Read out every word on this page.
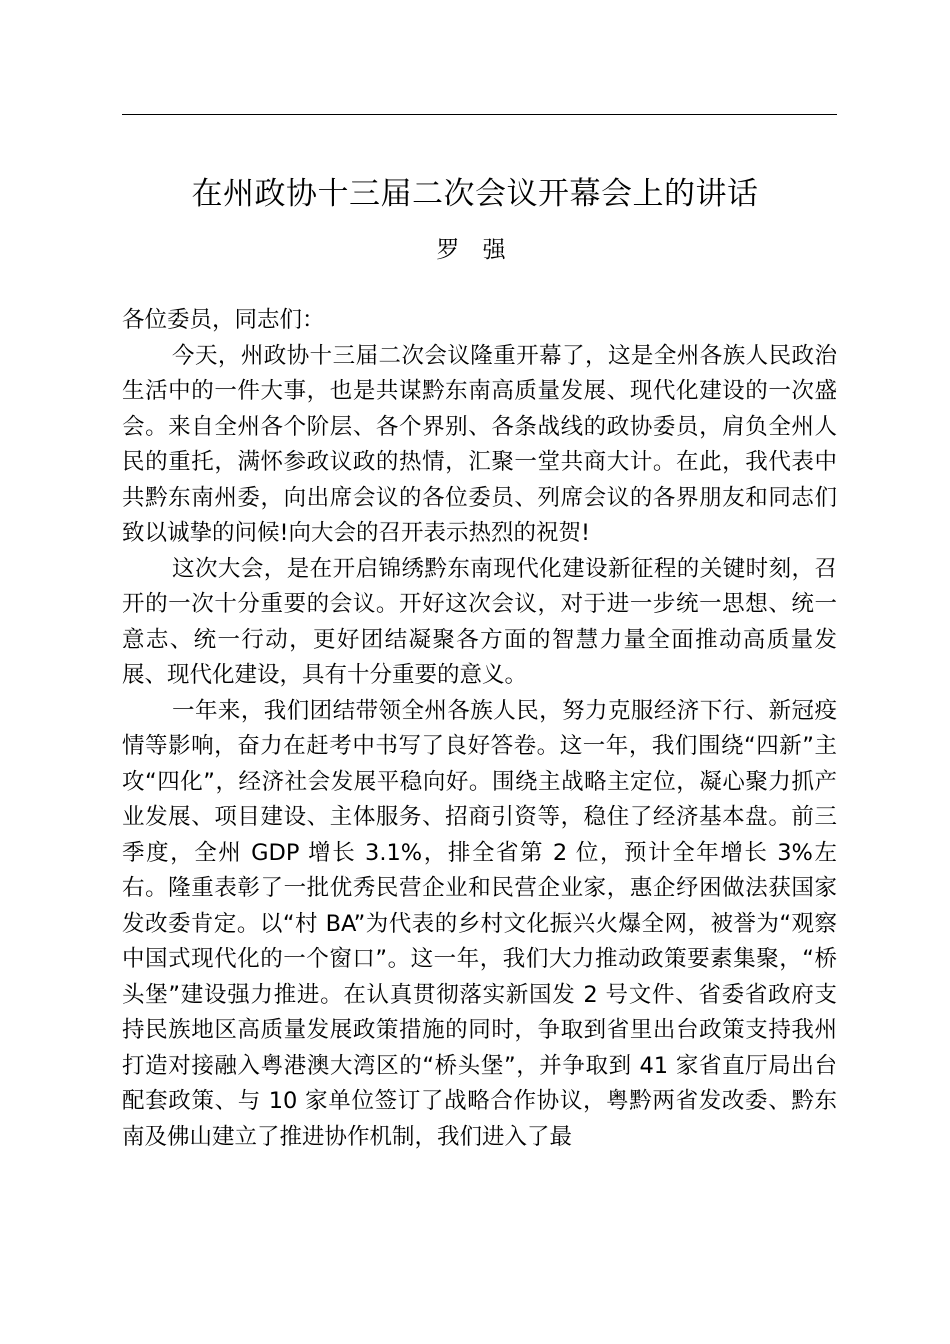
在州政协十三届二次会议开幕会上的讲话
罗 强

各位委员，同志们：

今天，州政协十三届二次会议隆重开幕了，这是全州各族人民政治生活中的一件大事，也是共谋黔东南高质量发展、现代化建设的一次盛会。来自全州各个阶层、各个界别、各条战线的政协委员，肩负全州人民的重托，满怀参政议政的热情，汇聚一堂共商大计。在此，我代表中共黔东南州委，向出席会议的各位委员、列席会议的各界朋友和同志们致以诚挚的问候!向大会的召开表示热烈的祝贺!

这次大会，是在开启锦绣黔东南现代化建设新征程的关键时刻，召开的一次十分重要的会议。开好这次会议，对于进一步统一思想、统一意志、统一行动，更好团结凝聚各方面的智慧力量全面推动高质量发展、现代化建设，具有十分重要的意义。

一年来，我们团结带领全州各族人民，努力克服经济下行、新冠疫情等影响，奋力在赶考中书写了良好答卷。这一年，我们围绕“四新”主攻“四化”，经济社会发展平稳向好。围绕主战略主定位，凝心聚力抓产业发展、项目建设、主体服务、招商引资等，稳住了经济基本盘。前三季度，全州 GDP 增长 3.1%，排全省第 2 位，预计全年增长 3%左右。隆重表彰了一批优秀民营企业和民营企业家，惠企纾困做法获国家发改委肯定。以“村 BA”为代表的乡村文化振兴火爆全网，被誉为“观察中国式现代化的一个窗口”。这一年，我们大力推动政策要素集聚，“桥头堡”建设强力推进。在认真贯彻落实新国发 2 号文件、省委省政府支持民族地区高质量发展政策措施的同时，争取到省里出台政策支持我州打造对接融入粤港澳大湾区的“桥头堡”，并争取到 41 家省直厅局出台配套政策、与 10 家单位签订了战略合作协议，粤黔两省发改委、黔东南及佛山建立了推进协作机制，我们进入了最
